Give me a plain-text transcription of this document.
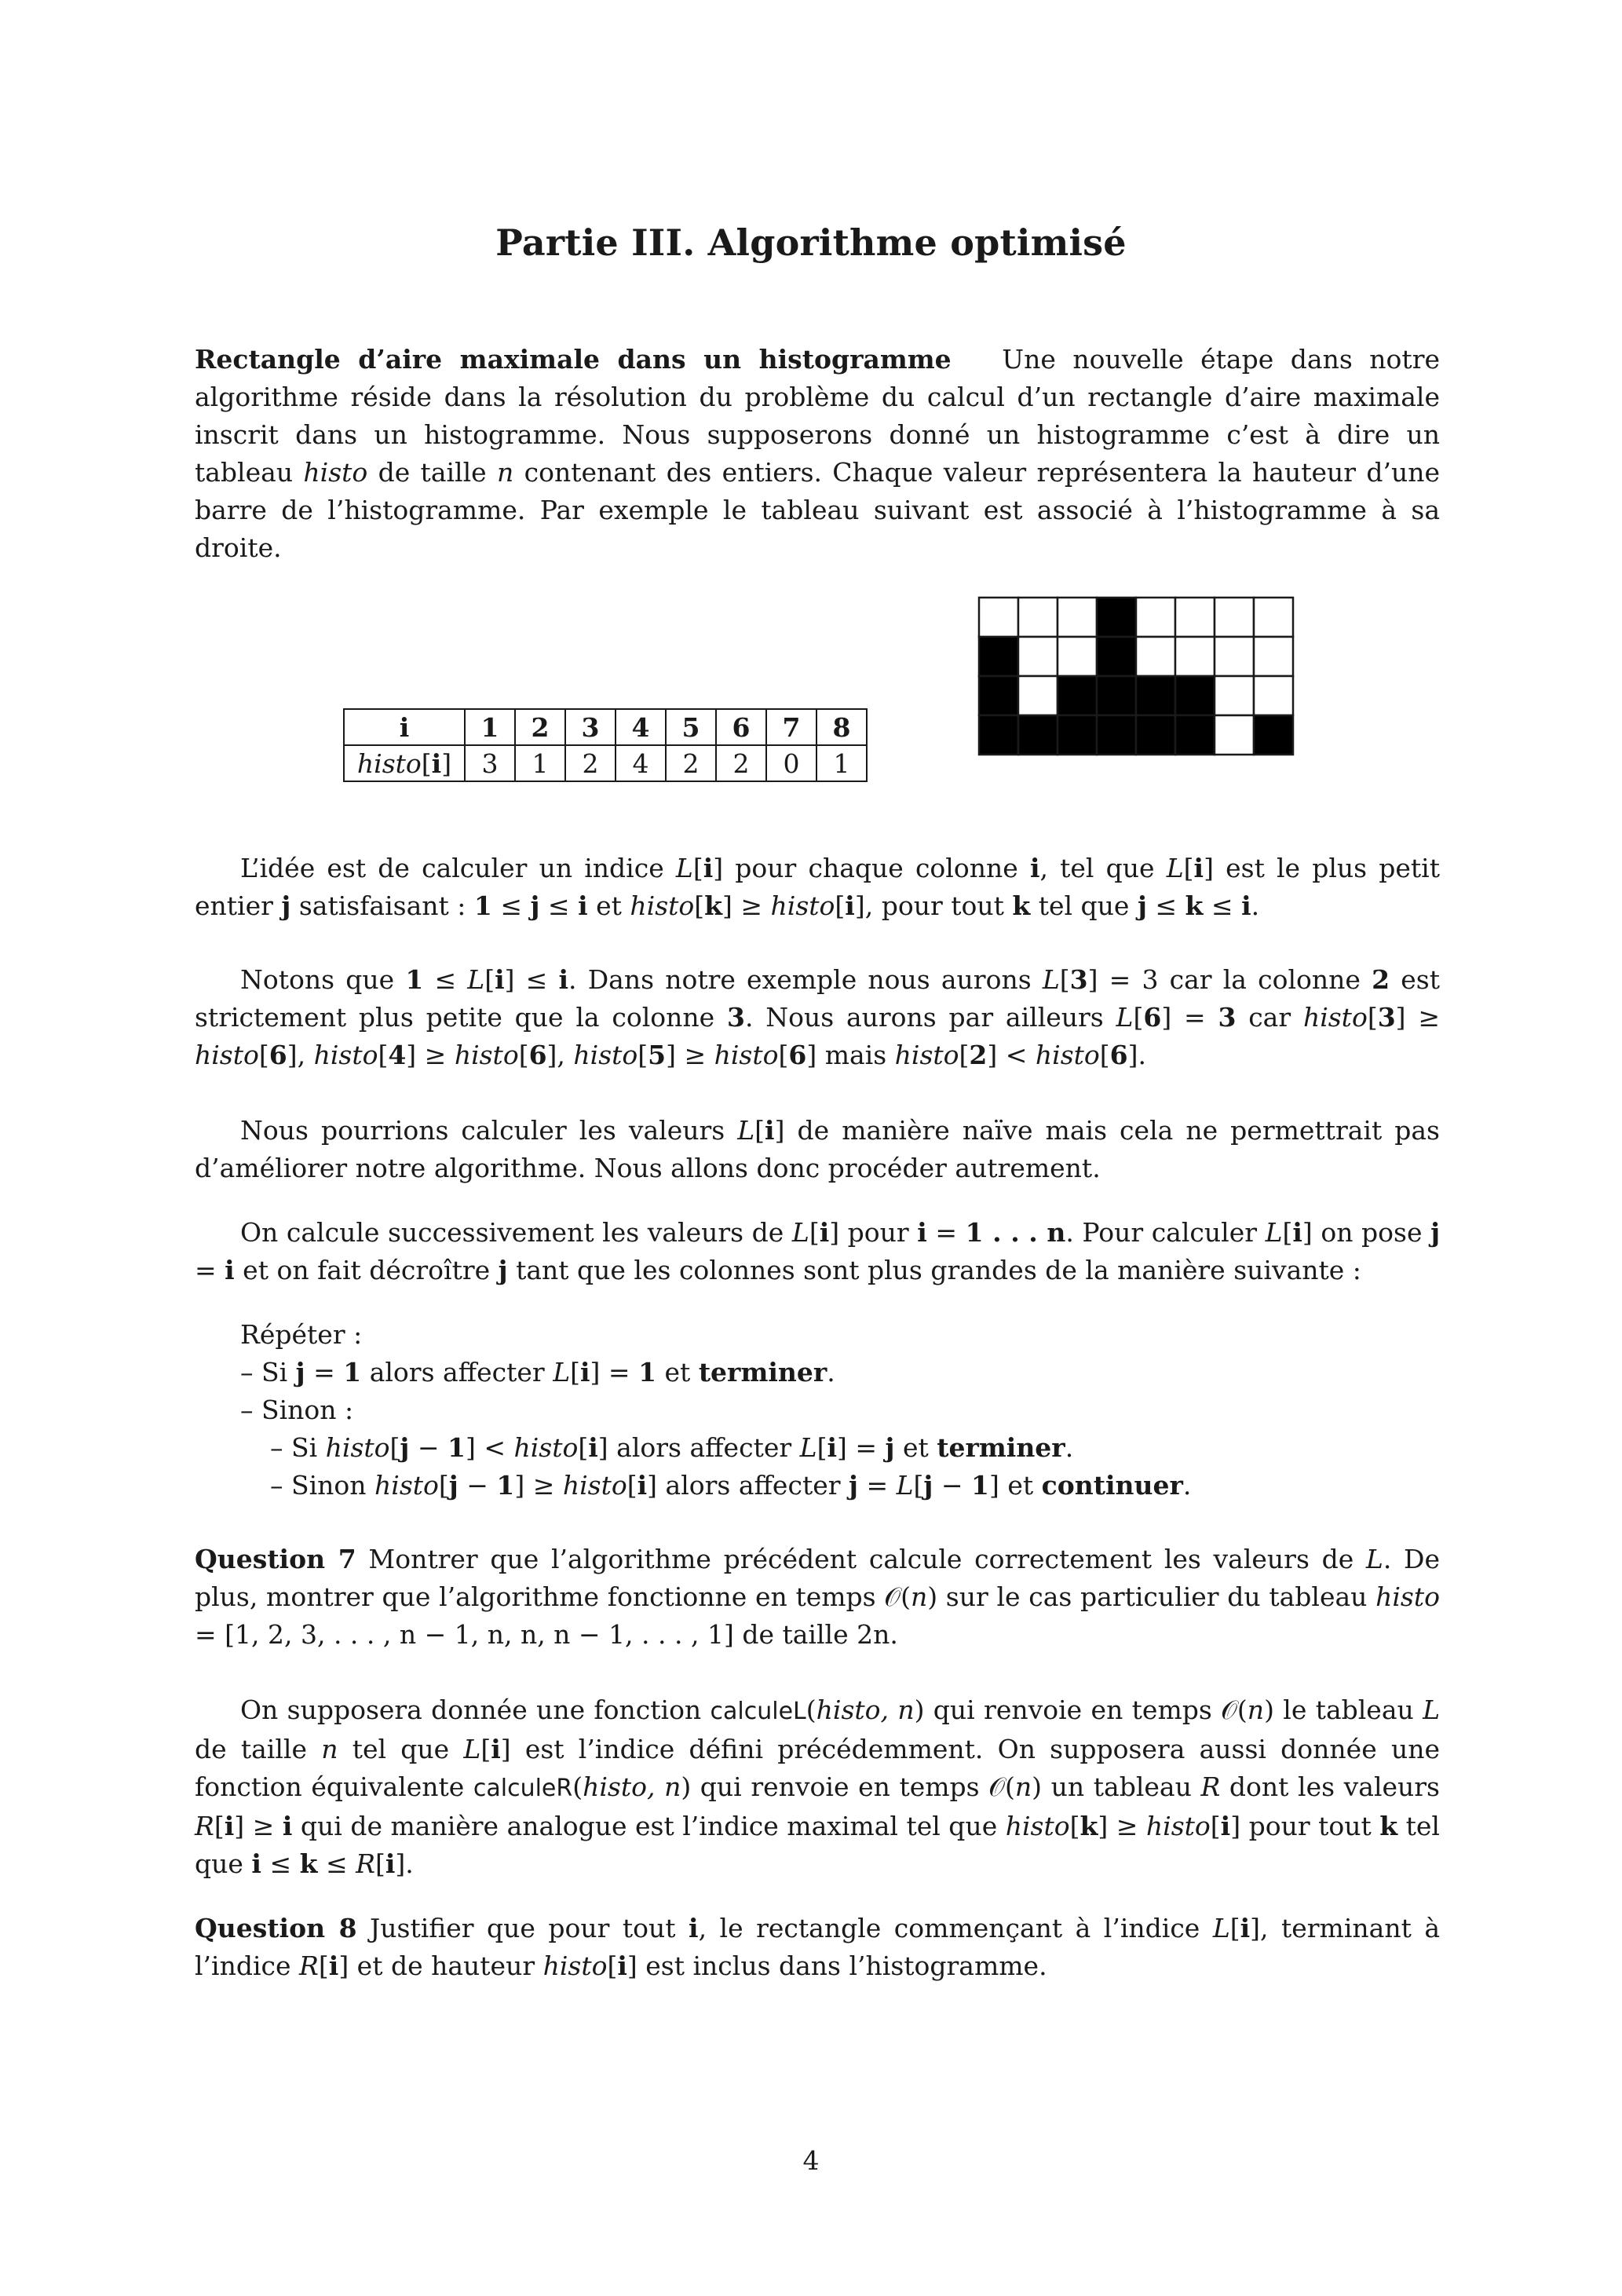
Partie III. Algorithme optimisé
Rectangle d’aire maximale dans un histogramme Une nouvelle étape dans notre algorithme réside dans la résolution du problème du calcul d’un rectangle d’aire maximale inscrit dans un histogramme. Nous supposerons donné un histogramme c’est à dire un tableau histo de taille n contenant des entiers. Chaque valeur représentera la hauteur d’une barre de l’histogramme. Par exemple le tableau suivant est associé à l’histogramme à sa droite.
i	1	2	3	4	5	6	7	8
histo[i]	3	1	2	4	2	2	0	1
L’idée est de calculer un indice L[i] pour chaque colonne i, tel que L[i] est le plus petit entier j satisfaisant : 1 ≤ j ≤ i et histo[k] ≥ histo[i], pour tout k tel que j ≤ k ≤ i.
Notons que 1 ≤ L[i] ≤ i. Dans notre exemple nous aurons L[3] = 3 car la colonne 2 est strictement plus petite que la colonne 3. Nous aurons par ailleurs L[6] = 3 car histo[3] ≥ histo[6], histo[4] ≥ histo[6], histo[5] ≥ histo[6] mais histo[2] < histo[6].
Nous pourrions calculer les valeurs L[i] de manière naïve mais cela ne permettrait pas d’améliorer notre algorithme. Nous allons donc procéder autrement.
On calcule successivement les valeurs de L[i] pour i = 1 . . . n. Pour calculer L[i] on pose j = i et on fait décroître j tant que les colonnes sont plus grandes de la manière suivante :
Répéter :
– Si j = 1 alors affecter L[i] = 1 et terminer.
– Sinon :
– Si histo[j − 1] < histo[i] alors affecter L[i] = j et terminer.
– Sinon histo[j − 1] ≥ histo[i] alors affecter j = L[j − 1] et continuer.
Question 7 Montrer que l’algorithme précédent calcule correctement les valeurs de L. De plus, montrer que l’algorithme fonctionne en temps 𝒪(n) sur le cas particulier du tableau histo = [1, 2, 3, . . . , n − 1, n, n, n − 1, . . . , 1] de taille 2n.
On supposera donnée une fonction calculeL(histo, n) qui renvoie en temps 𝒪(n) le tableau L de taille n tel que L[i] est l’indice défini précédemment. On supposera aussi donnée une fonction équivalente calculeR(histo, n) qui renvoie en temps 𝒪(n) un tableau R dont les valeurs R[i] ≥ i qui de manière analogue est l’indice maximal tel que histo[k] ≥ histo[i] pour tout k tel que i ≤ k ≤ R[i].
Question 8 Justifier que pour tout i, le rectangle commençant à l’indice L[i], terminant à l’indice R[i] et de hauteur histo[i] est inclus dans l’histogramme.
4
